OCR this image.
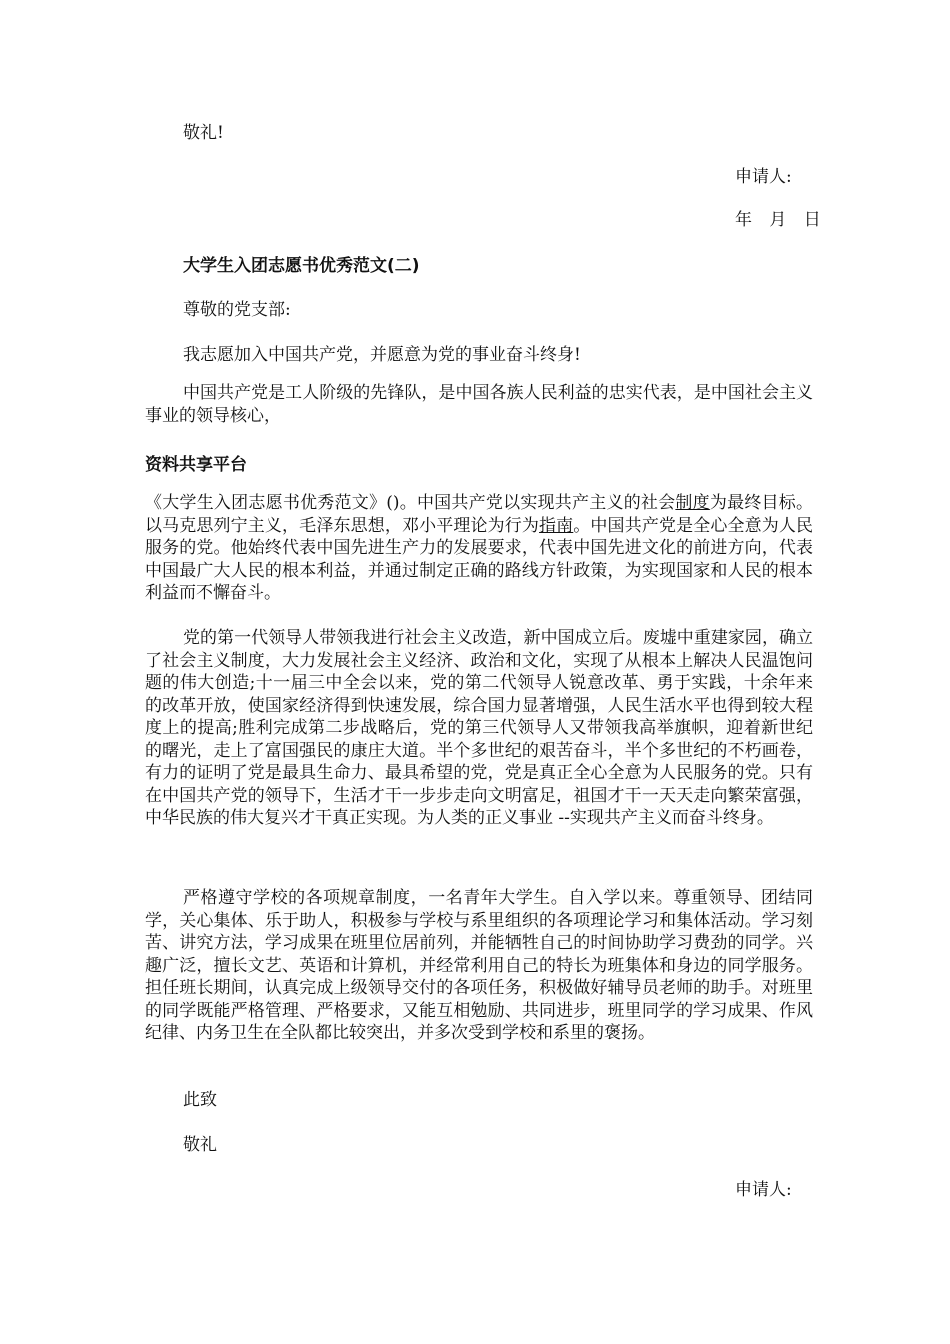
敬礼!

申请人:

年 月 日

大学生入团志愿书优秀范文(二)

尊敬的党支部:

我志愿加入中国共产党，并愿意为党的事业奋斗终身!

中国共产党是工人阶级的先锋队，是中国各族人民利益的忠实代表，是中国社会主义事业的领导核心，

资料共享平台

《大学生入团志愿书优秀范文》()。中国共产党以实现共产主义的社会制度为最终目标。以马克思列宁主义，毛泽东思想，邓小平理论为行为指南。中国共产党是全心全意为人民服务的党。他始终代表中国先进生产力的发展要求，代表中国先进文化的前进方向，代表中国最广大人民的根本利益，并通过制定正确的路线方针政策，为实现国家和人民的根本利益而不懈奋斗。

党的第一代领导人带领我进行社会主义改造，新中国成立后。废墟中重建家园，确立了社会主义制度，大力发展社会主义经济、政治和文化，实现了从根本上解决人民温饱问题的伟大创造;十一届三中全会以来，党的第二代领导人锐意改革、勇于实践，十余年来的改革开放，使国家经济得到快速发展，综合国力显著增强，人民生活水平也得到较大程度上的提高;胜利完成第二步战略后，党的第三代领导人又带领我高举旗帜，迎着新世纪的曙光，走上了富国强民的康庄大道。半个多世纪的艰苦奋斗，半个多世纪的不朽画卷，有力的证明了党是最具生命力、最具希望的党，党是真正全心全意为人民服务的党。只有在中国共产党的领导下，生活才干一步步走向文明富足，祖国才干一天天走向繁荣富强，中华民族的伟大复兴才干真正实现。为人类的正义事业 --实现共产主义而奋斗终身。

严格遵守学校的各项规章制度，一名青年大学生。自入学以来。尊重领导、团结同学，关心集体、乐于助人，积极参与学校与系里组织的各项理论学习和集体活动。学习刻苦、讲究方法，学习成果在班里位居前列，并能牺牲自己的时间协助学习费劲的同学。兴趣广泛，擅长文艺、英语和计算机，并经常利用自己的特长为班集体和身边的同学服务。担任班长期间，认真完成上级领导交付的各项任务，积极做好辅导员老师的助手。对班里的同学既能严格管理、严格要求，又能互相勉励、共同进步，班里同学的学习成果、作风纪律、内务卫生在全队都比较突出，并多次受到学校和系里的褒扬。

此致

敬礼

申请人:
